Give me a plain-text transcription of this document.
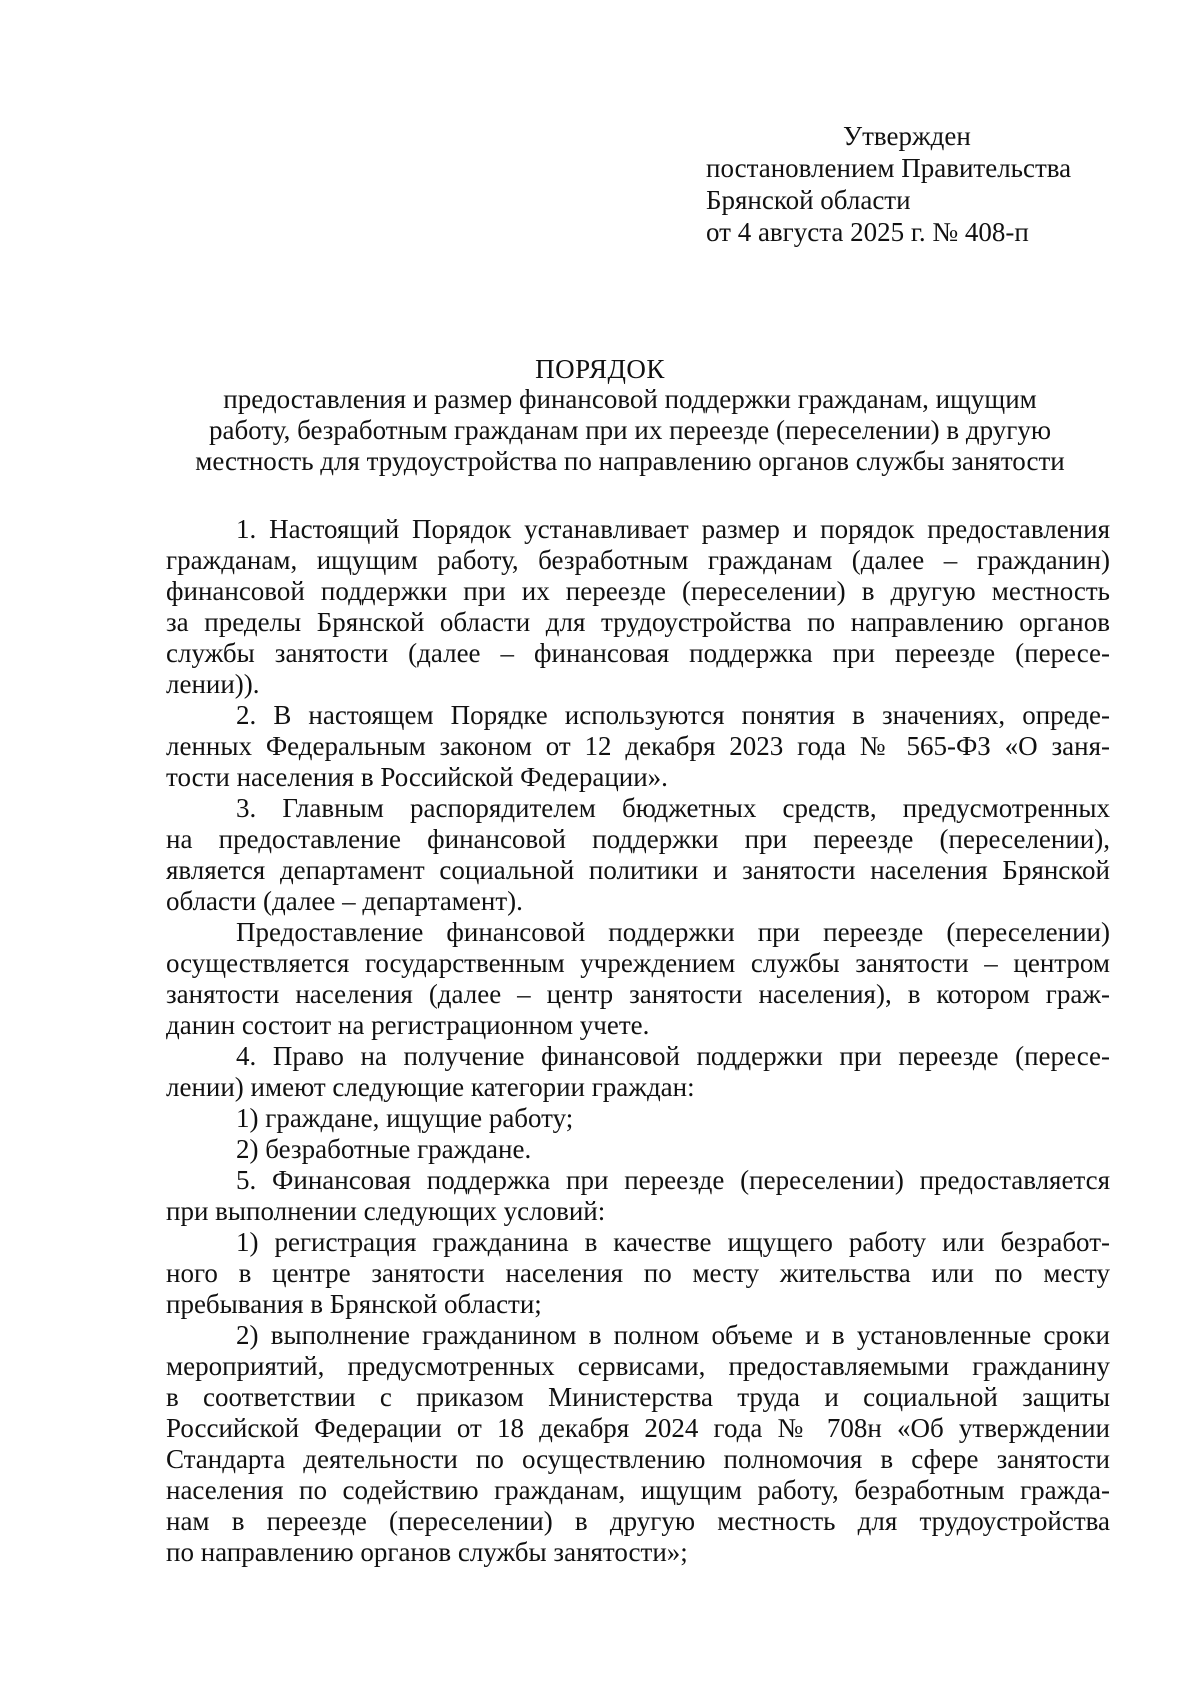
Утвержден
постановлением Правительства
Брянской области
от 4 августа 2025 г. № 408-п
ПОРЯДОК
предоставления и размер финансовой поддержки гражданам, ищущим
работу, безработным гражданам при их переезде (переселении) в другую
местность для трудоустройства по направлению органов службы занятости

1. Настоящий Порядок устанавливает размер и порядок предоставления
гражданам, ищущим работу, безработным гражданам (далее – гражданин)
финансовой поддержки при их переезде (переселении) в другую местность
за пределы Брянской области для трудоустройства по направлению органов
службы занятости (далее – финансовая поддержка при переезде (пересе-
лении)).

2. В настоящем Порядке используются понятия в значениях, опреде-
ленных Федеральным законом от 12 декабря 2023 года № 565-ФЗ «О заня-
тости населения в Российской Федерации».

3. Главным распорядителем бюджетных средств, предусмотренных
на предоставление финансовой поддержки при переезде (переселении),
является департамент социальной политики и занятости населения Брянской
области (далее – департамент).

Предоставление финансовой поддержки при переезде (переселении)
осуществляется государственным учреждением службы занятости – центром
занятости населения (далее – центр занятости населения), в котором граж-
данин состоит на регистрационном учете.

4. Право на получение финансовой поддержки при переезде (пересе-
лении) имеют следующие категории граждан:

1) граждане, ищущие работу;

2) безработные граждане.

5. Финансовая поддержка при переезде (переселении) предоставляется
при выполнении следующих условий:

1) регистрация гражданина в качестве ищущего работу или безработ-
ного в центре занятости населения по месту жительства или по месту
пребывания в Брянской области;

2) выполнение гражданином в полном объеме и в установленные сроки
мероприятий, предусмотренных сервисами, предоставляемыми гражданину
в соответствии с приказом Министерства труда и социальной защиты
Российской Федерации от 18 декабря 2024 года № 708н «Об утверждении
Стандарта деятельности по осуществлению полномочия в сфере занятости
населения по содействию гражданам, ищущим работу, безработным гражда-
нам в переезде (переселении) в другую местность для трудоустройства
по направлению органов службы занятости»;
